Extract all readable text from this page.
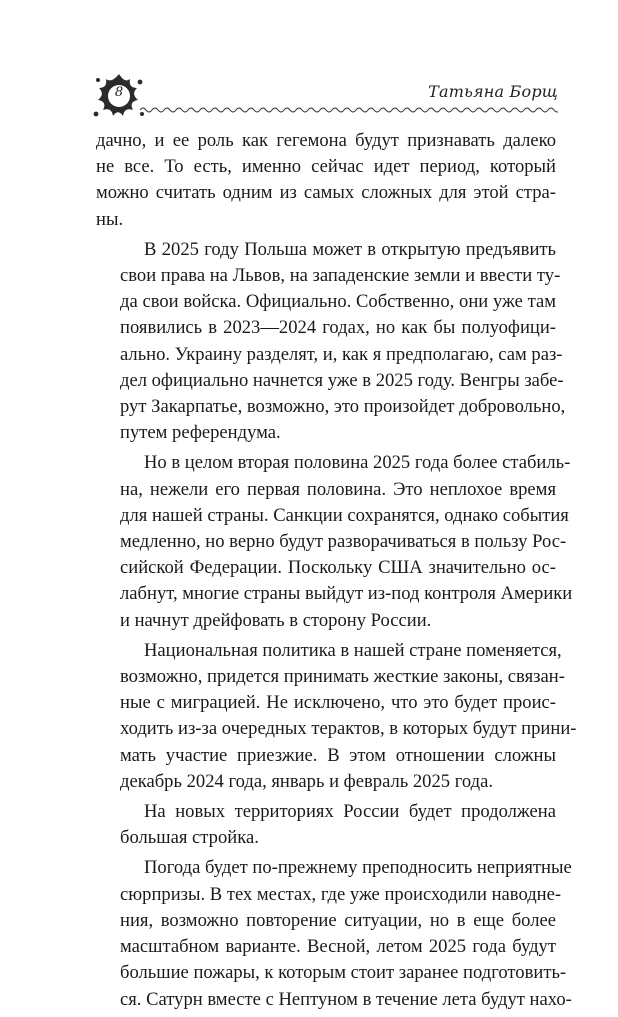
8	Татьяна Борщ
дачно, и ее роль как гегемона будут признавать далеко
не все. То есть, именно сейчас идет период, который
можно считать одним из самых сложных для этой стра-
ны.
В 2025 году Польша может в открытую предъявить
свои права на Львов, на западенские земли и ввести ту-
да свои войска. Официально. Собственно, они уже там
появились в 2023—2024 годах, но как бы полуофици-
ально. Украину разделят, и, как я предполагаю, сам раз-
дел официально начнется уже в 2025 году. Венгры забе-
рут Закарпатье, возможно, это произойдет добровольно,
путем референдума.
Но в целом вторая половина 2025 года более стабиль-
на, нежели его первая половина. Это неплохое время
для нашей страны. Санкции сохранятся, однако события
медленно, но верно будут разворачиваться в пользу Рос-
сийской Федерации. Поскольку США значительно ос-
лабнут, многие страны выйдут из-под контроля Америки
и начнут дрейфовать в сторону России.
Национальная политика в нашей стране поменяется,
возможно, придется принимать жесткие законы, связан-
ные с миграцией. Не исключено, что это будет проис-
ходить из-за очередных терактов, в которых будут прини-
мать участие приезжие. В этом отношении сложны
декабрь 2024 года, январь и февраль 2025 года.
На новых территориях России будет продолжена
большая стройка.
Погода будет по-прежнему преподносить неприятные
сюрпризы. В тех местах, где уже происходили наводне-
ния, возможно повторение ситуации, но в еще более
масштабном варианте. Весной, летом 2025 года будут
большие пожары, к которым стоит заранее подготовить-
ся. Сатурн вместе с Нептуном в течение лета будут нахо-
